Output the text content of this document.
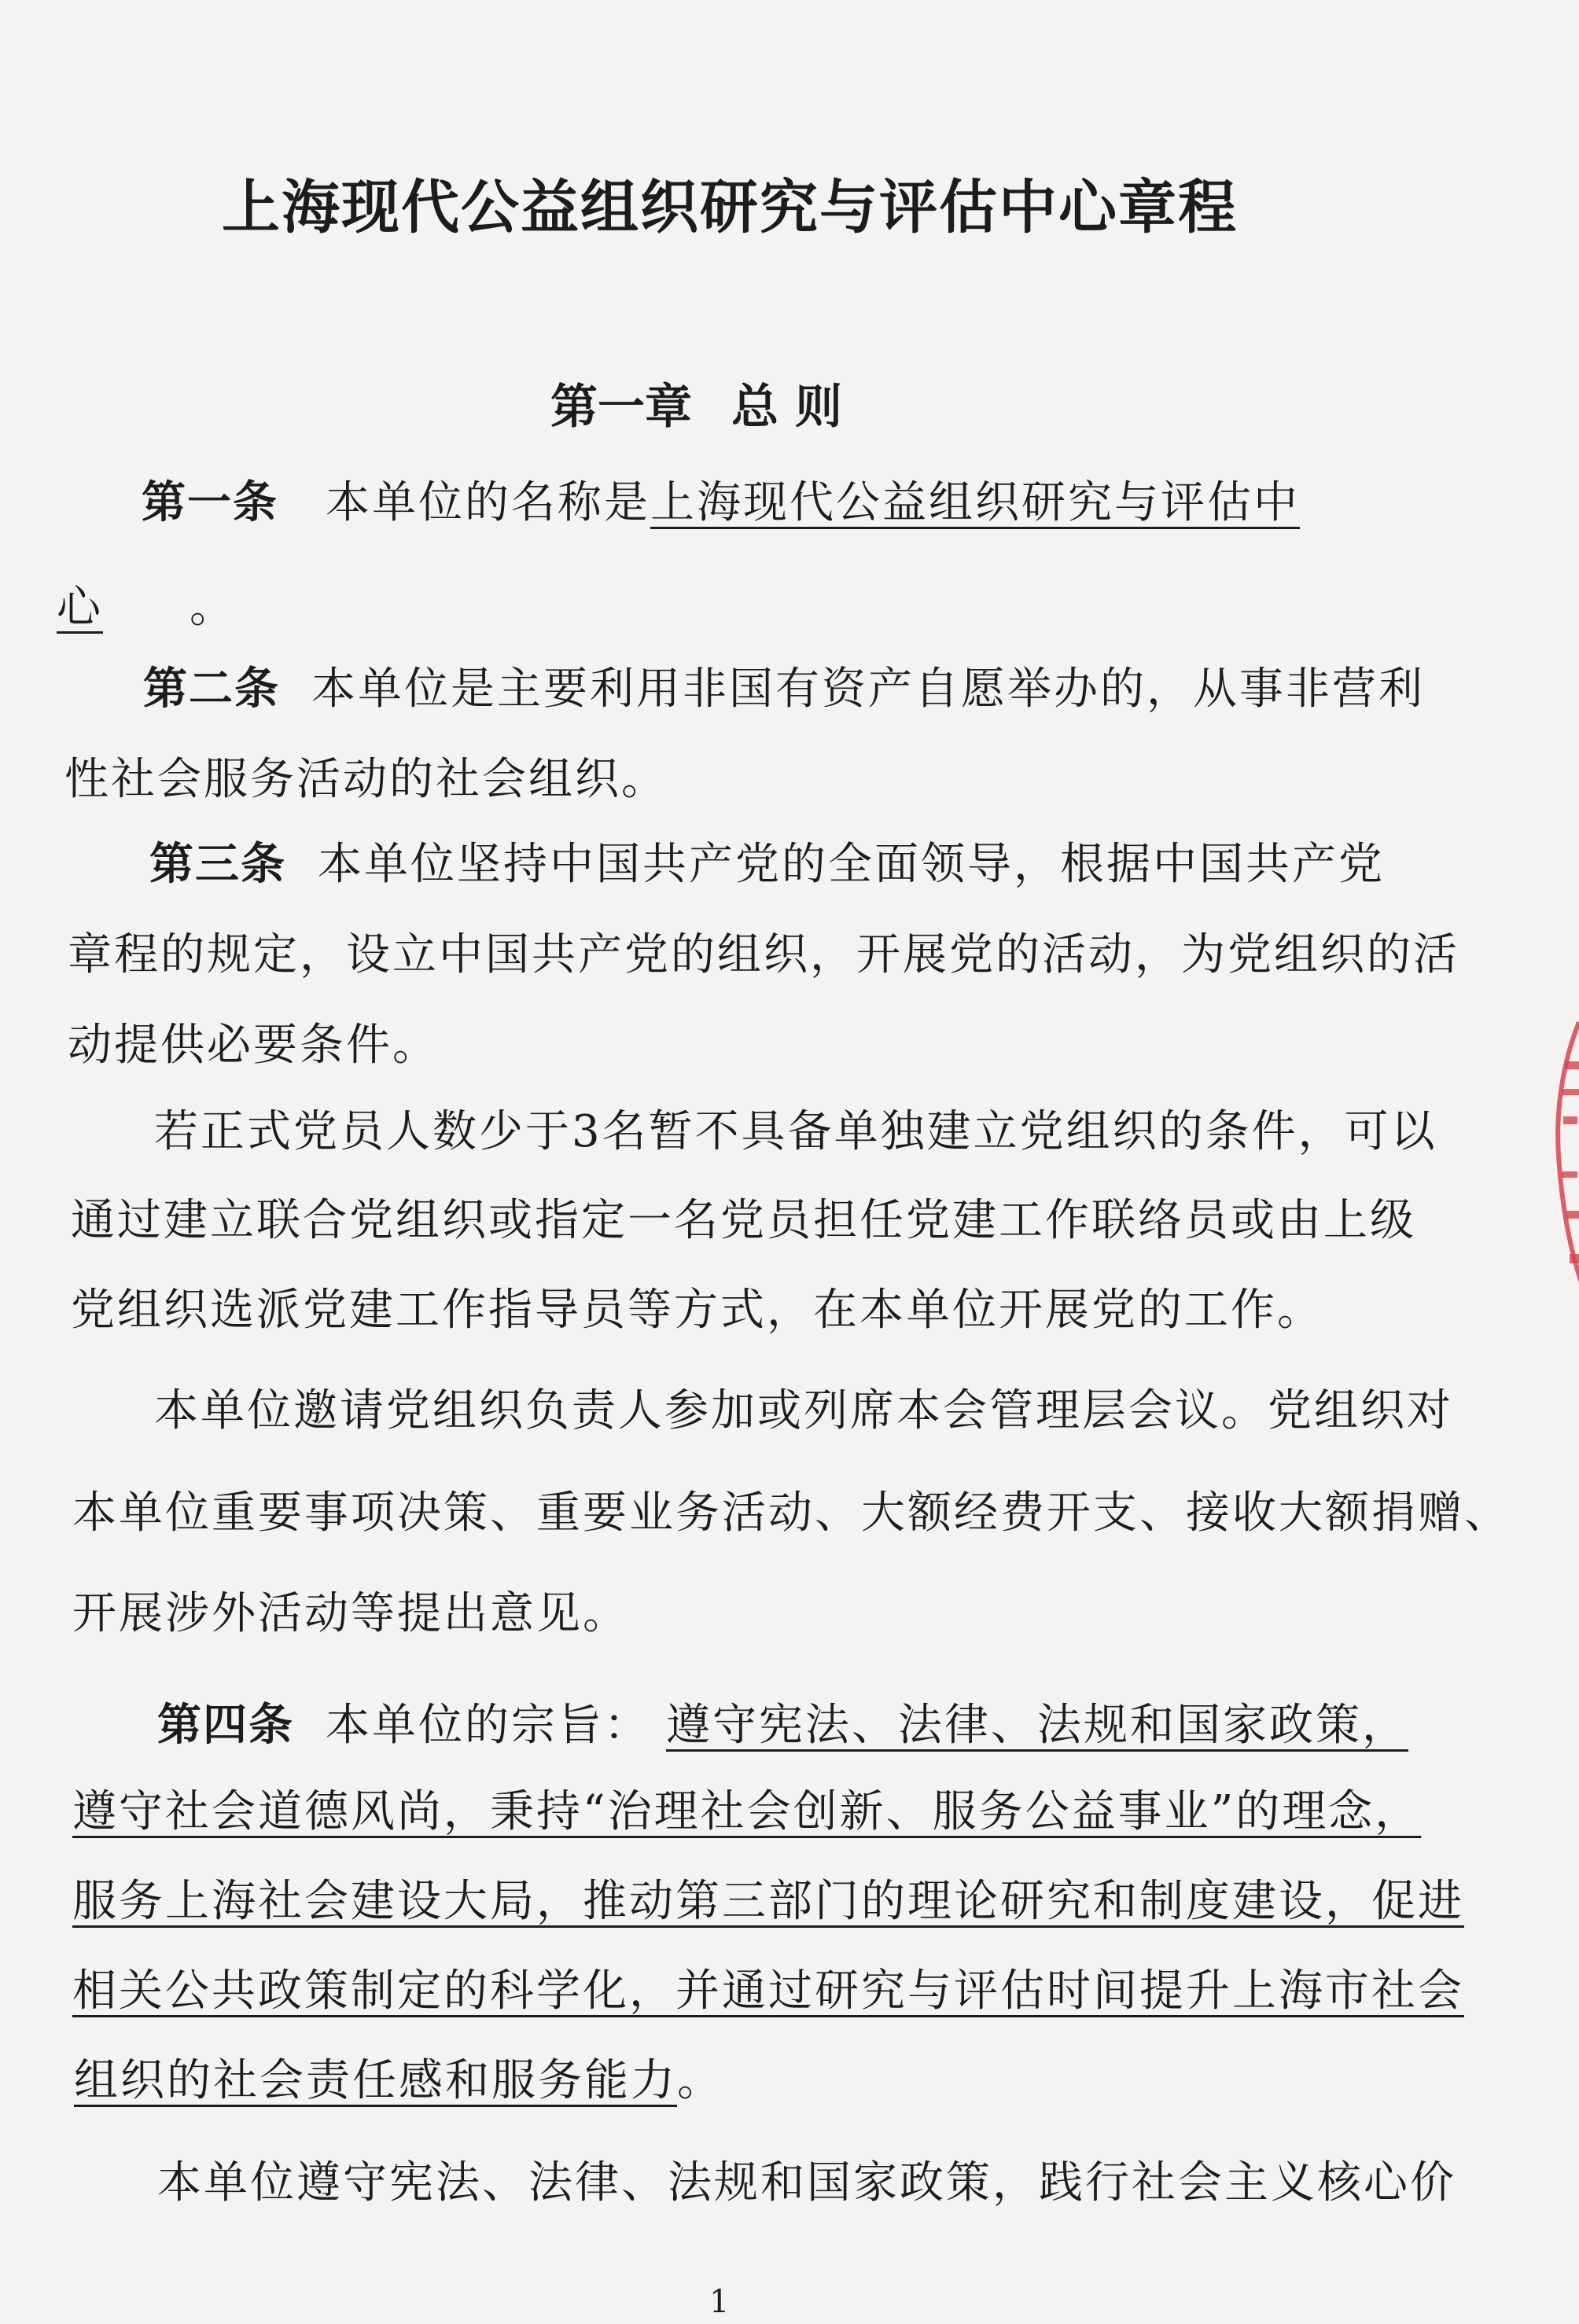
上海现代公益组织研究与评估中心章程
第一章 总 则
第一条 本单位的名称是上海现代公益组织研究与评估中
心 。
第二条 本单位是主要利用非国有资产自愿举办的，从事非营利
性社会服务活动的社会组织。
第三条 本单位坚持中国共产党的全面领导，根据中国共产党
章程的规定，设立中国共产党的组织，开展党的活动，为党组织的活
动提供必要条件。
若正式党员人数少于3名暂不具备单独建立党组织的条件，可以
通过建立联合党组织或指定一名党员担任党建工作联络员或由上级
党组织选派党建工作指导员等方式，在本单位开展党的工作。
本单位邀请党组织负责人参加或列席本会管理层会议。党组织对
本单位重要事项决策、重要业务活动、大额经费开支、接收大额捐赠、
开展涉外活动等提出意见。
第四条 本单位的宗旨： 遵守宪法、法律、法规和国家政策，
遵守社会道德风尚，秉持“治理社会创新、服务公益事业”的理念，
服务上海社会建设大局，推动第三部门的理论研究和制度建设，促进
相关公共政策制定的科学化，并通过研究与评估时间提升上海市社会
组织的社会责任感和服务能力。
本单位遵守宪法、法律、法规和国家政策，践行社会主义核心价
1
